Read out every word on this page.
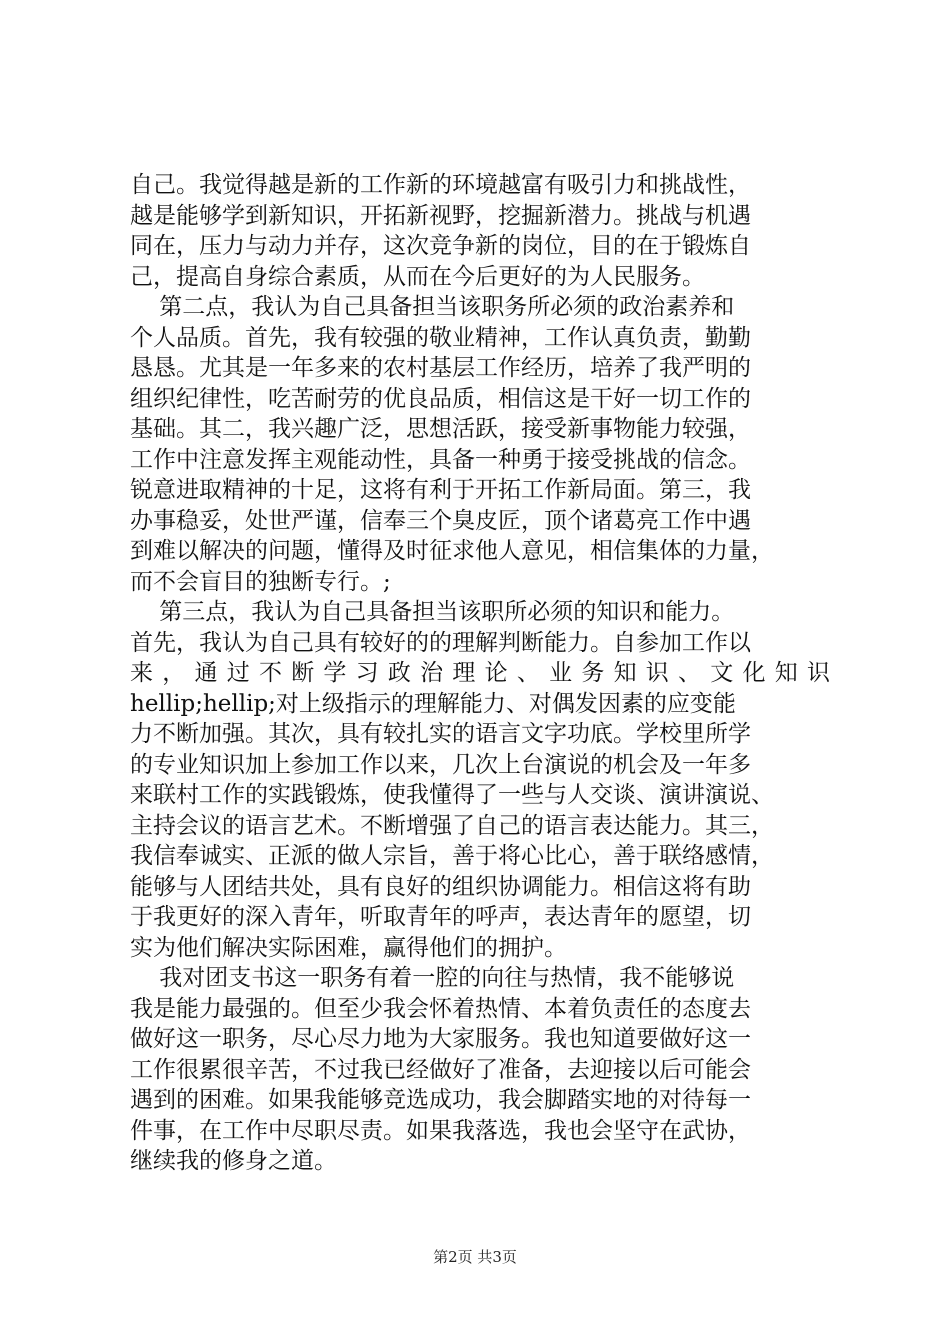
自己。我觉得越是新的工作新的环境越富有吸引力和挑战性，
越是能够学到新知识，开拓新视野，挖掘新潜力。挑战与机遇
同在，压力与动力并存，这次竞争新的岗位，目的在于锻炼自
己，提高自身综合素质，从而在今后更好的为人民服务。
第二点，我认为自己具备担当该职务所必须的政治素养和
个人品质。首先，我有较强的敬业精神，工作认真负责，勤勤
恳恳。尤其是一年多来的农村基层工作经历，培养了我严明的
组织纪律性，吃苦耐劳的优良品质，相信这是干好一切工作的
基础。其二，我兴趣广泛，思想活跃，接受新事物能力较强，
工作中注意发挥主观能动性，具备一种勇于接受挑战的信念。
锐意进取精神的十足，这将有利于开拓工作新局面。第三，我
办事稳妥，处世严谨，信奉三个臭皮匠，顶个诸葛亮工作中遇
到难以解决的问题，懂得及时征求他人意见，相信集体的力量，
而不会盲目的独断专行。;
第三点，我认为自己具备担当该职所必须的知识和能力。
首先，我认为自己具有较好的的理解判断能力。自参加工作以
来，通过不断学习政治理论、业务知识、文化知识
hellip;hellip;对上级指示的理解能力、对偶发因素的应变能
力不断加强。其次，具有较扎实的语言文字功底。学校里所学
的专业知识加上参加工作以来，几次上台演说的机会及一年多
来联村工作的实践锻炼，使我懂得了一些与人交谈、演讲演说、
主持会议的语言艺术。不断增强了自己的语言表达能力。其三，
我信奉诚实、正派的做人宗旨，善于将心比心，善于联络感情，
能够与人团结共处，具有良好的组织协调能力。相信这将有助
于我更好的深入青年，听取青年的呼声，表达青年的愿望，切
实为他们解决实际困难，赢得他们的拥护。
我对团支书这一职务有着一腔的向往与热情，我不能够说
我是能力最强的。但至少我会怀着热情、本着负责任的态度去
做好这一职务，尽心尽力地为大家服务。我也知道要做好这一
工作很累很辛苦，不过我已经做好了准备，去迎接以后可能会
遇到的困难。如果我能够竞选成功，我会脚踏实地的对待每一
件事，在工作中尽职尽责。如果我落选，我也会坚守在武协，
继续我的修身之道。
第2页 共3页
